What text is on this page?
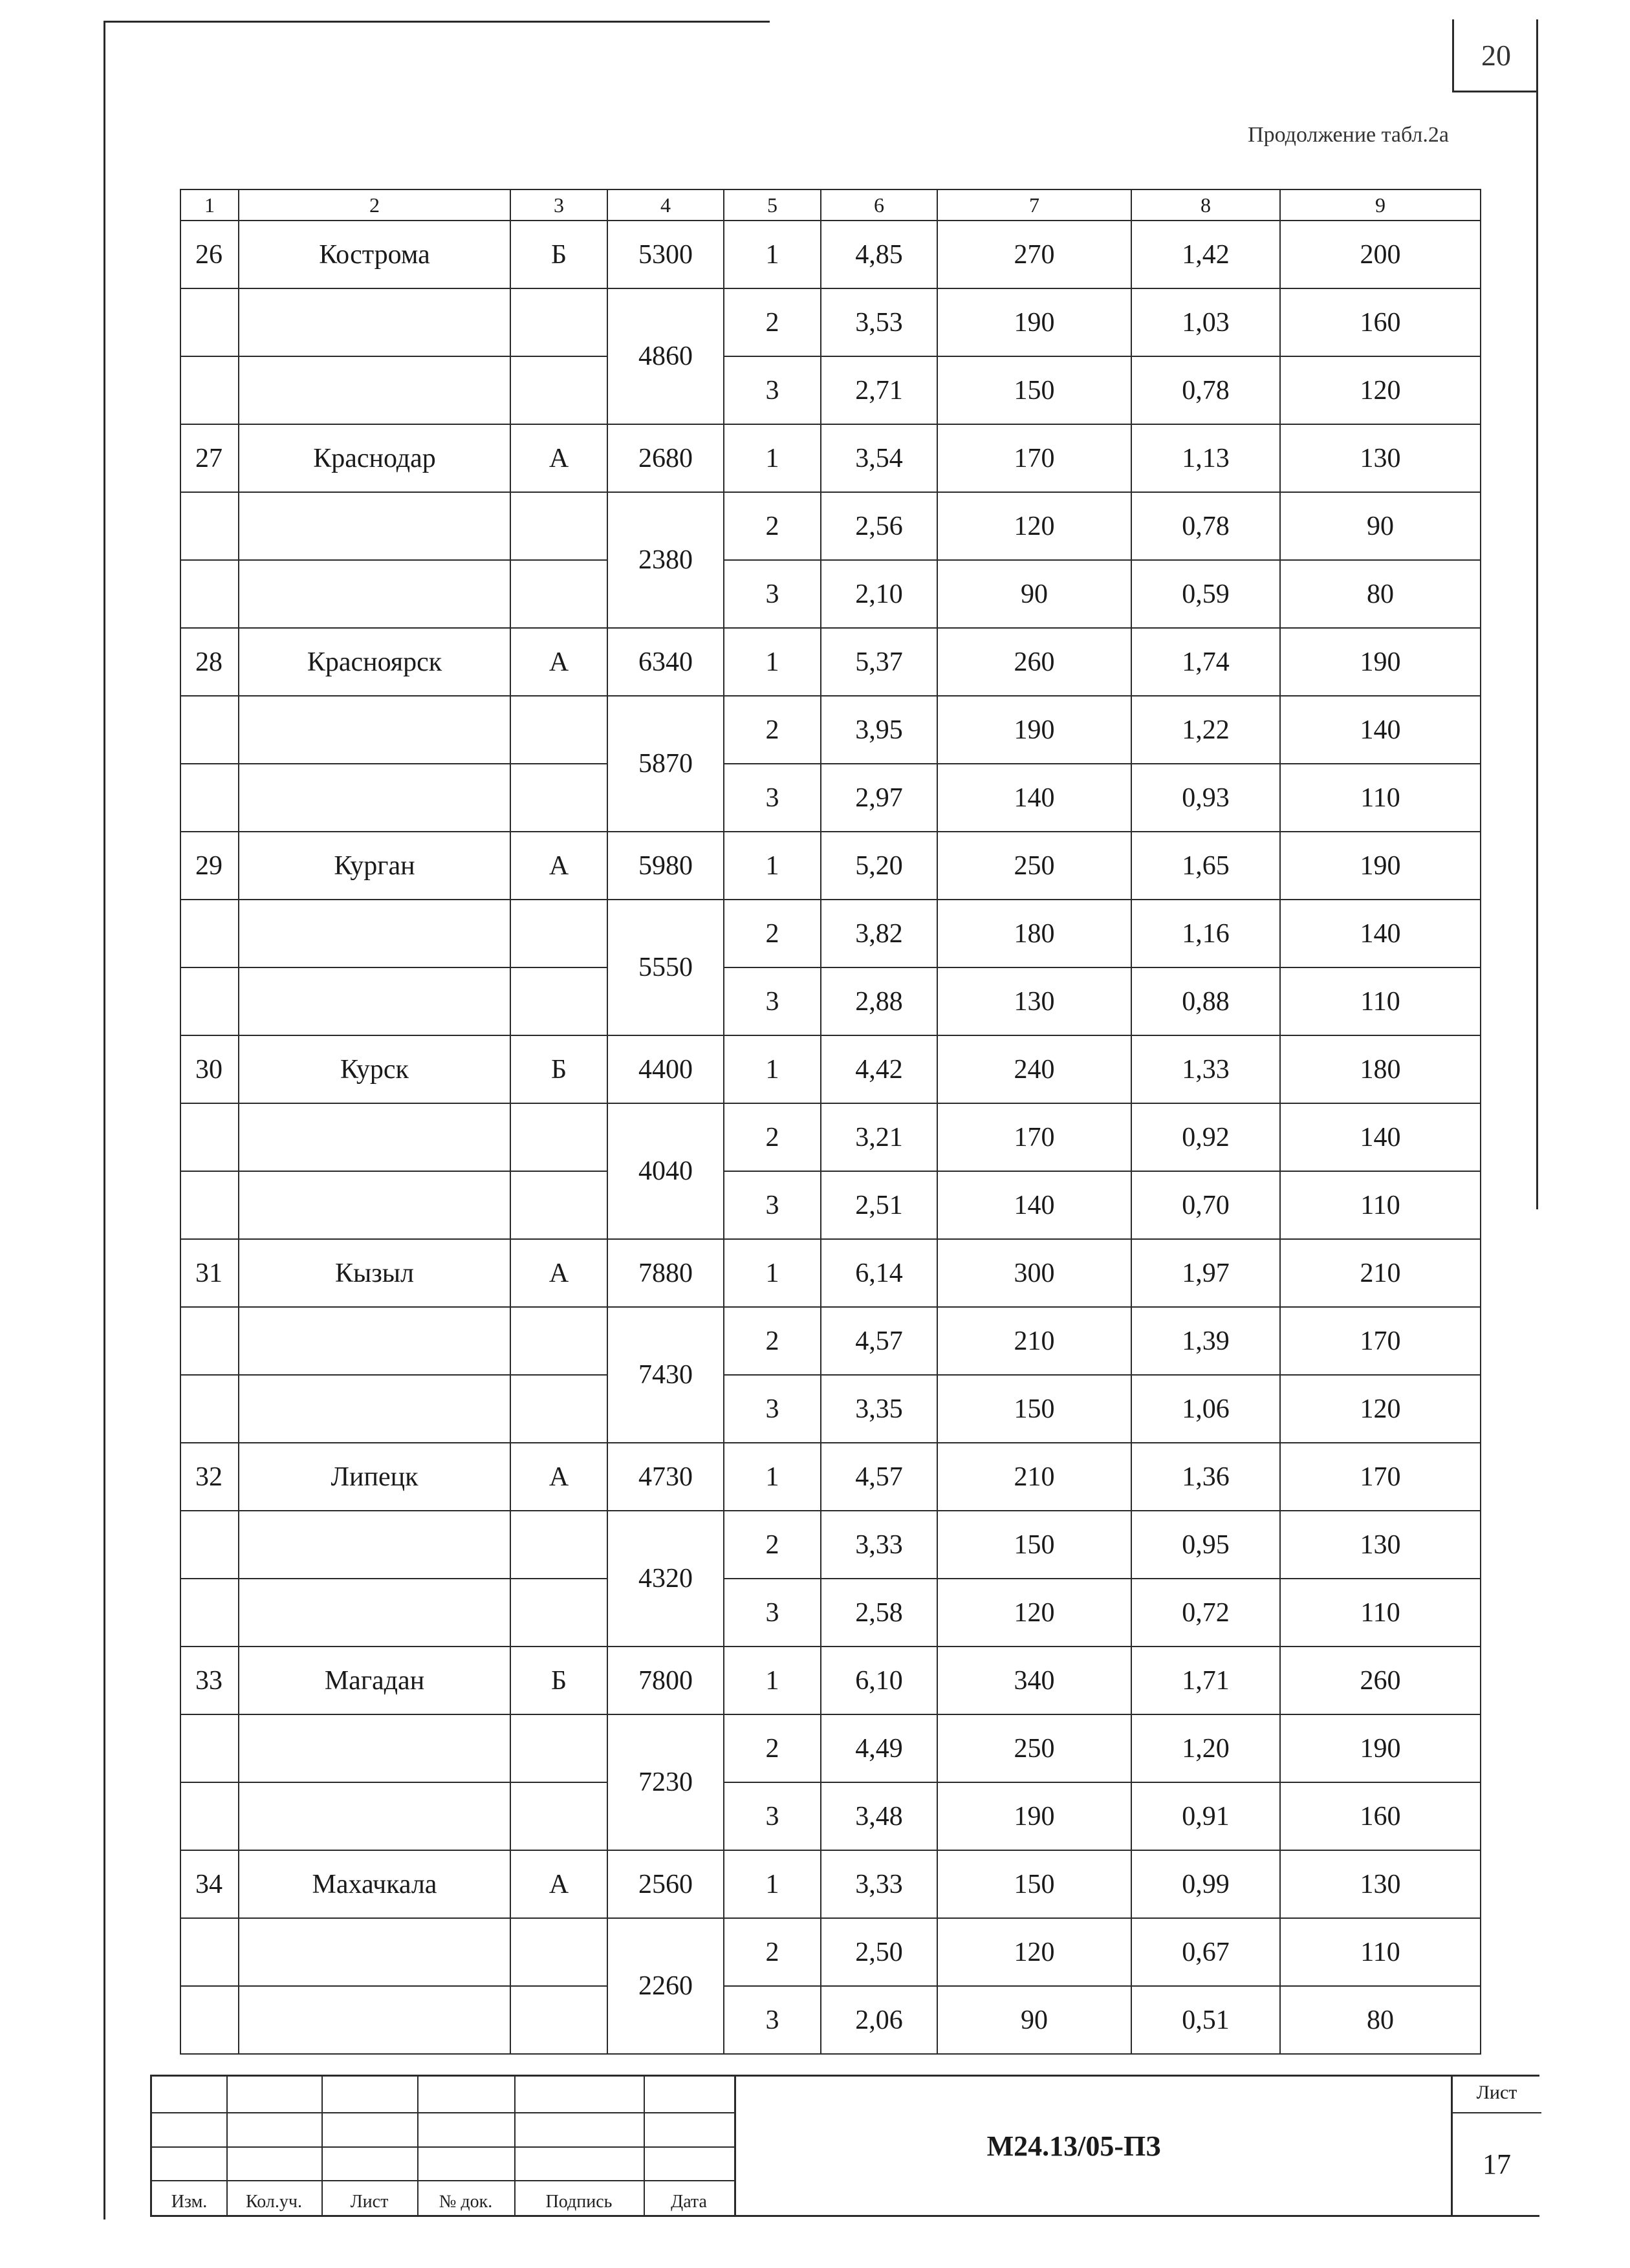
20
Продолжение табл.2а
1	2	3	4	5	6	7	8	9
26	Кострома	Б	5300	1	4,85	270	1,42	200
			4860	2	3,53	190	1,03	160
				3	2,71	150	0,78	120
27	Краснодар	А	2680	1	3,54	170	1,13	130
			2380	2	2,56	120	0,78	90
				3	2,10	90	0,59	80
28	Красноярск	А	6340	1	5,37	260	1,74	190
			5870	2	3,95	190	1,22	140
				3	2,97	140	0,93	110
29	Курган	А	5980	1	5,20	250	1,65	190
			5550	2	3,82	180	1,16	140
				3	2,88	130	0,88	110
30	Курск	Б	4400	1	4,42	240	1,33	180
			4040	2	3,21	170	0,92	140
				3	2,51	140	0,70	110
31	Кызыл	А	7880	1	6,14	300	1,97	210
			7430	2	4,57	210	1,39	170
				3	3,35	150	1,06	120
32	Липецк	А	4730	1	4,57	210	1,36	170
			4320	2	3,33	150	0,95	130
				3	2,58	120	0,72	110
33	Магадан	Б	7800	1	6,10	340	1,71	260
			7230	2	4,49	250	1,20	190
				3	3,48	190	0,91	160
34	Махачкала	А	2560	1	3,33	150	0,99	130
			2260	2	2,50	120	0,67	110
				3	2,06	90	0,51	80
Изм.	Кол.уч.	Лист	№ док.	Подпись	Дата
М24.13/05-ПЗ
Лист
17
